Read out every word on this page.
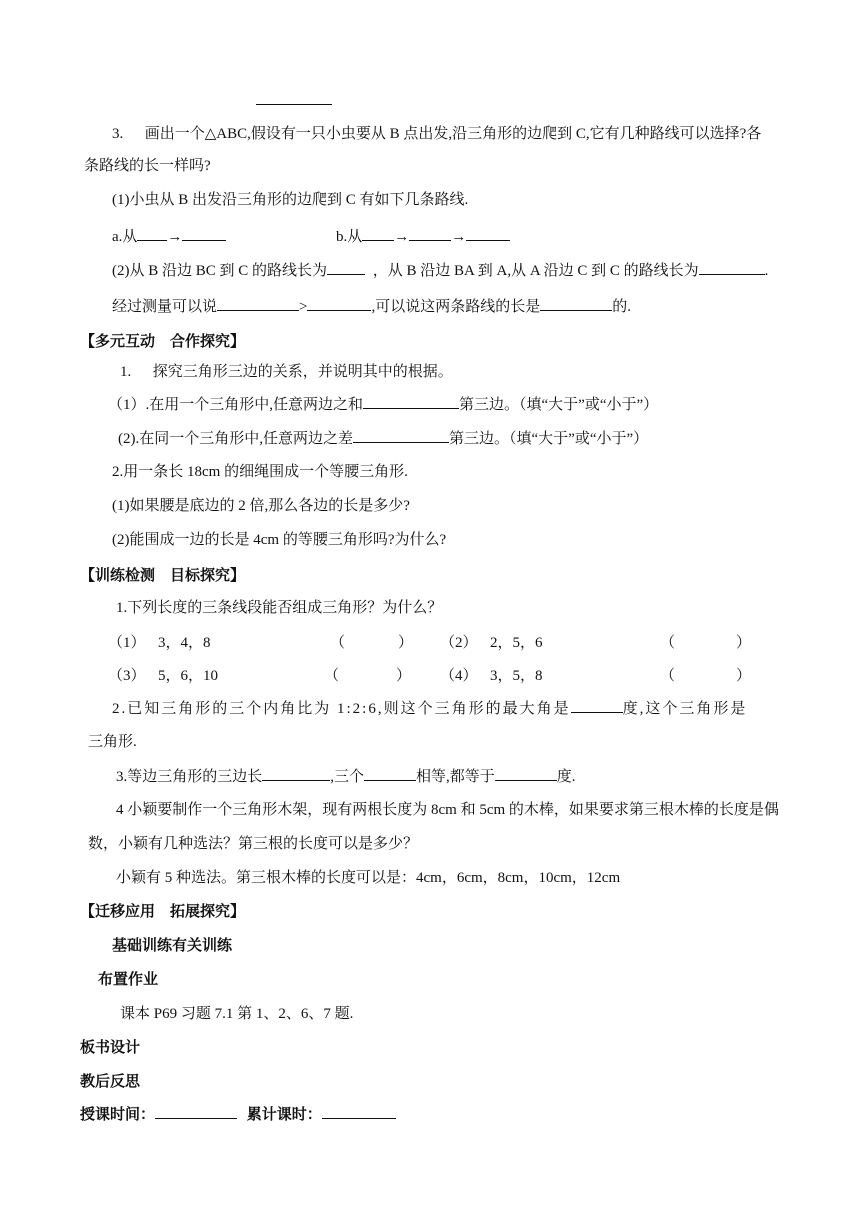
3. 画出一个△ABC,假设有一只小虫要从 B 点出发,沿三角形的边爬到 C,它有几种路线可以选择?各
条路线的长一样吗?
(1)小虫从 B 出发沿三角形的边爬到 C 有如下几条路线.
a.从 →	b.从 →	→
(2)从 B 沿边 BC 到 C 的路线长为	，从 B 沿边 BA 到 A,从 A 沿边 C 到 C 的路线长为	.
经过测量可以说	>	,可以说这两条路线的长是	的.
【多元互动　合作探究】
1. 探究三角形三边的关系，并说明其中的根据。
（1）.在用一个三角形中,任意两边之和	第三边。（填“大于”或“小于”）
(2).在同一个三角形中,任意两边之差	第三边。（填“大于”或“小于”）
2.用一条长 18cm 的细绳围成一个等腰三角形.
(1)如果腰是底边的 2 倍,那么各边的长是多少?
(2)能围成一边的长是 4cm 的等腰三角形吗?为什么?
【训练检测　目标探究】
1.下列长度的三条线段能否组成三角形？为什么？
（1） 3，4，8	（	） （2） 2，5，6	（	）
（3） 5，6，10	（	） （4） 3，5，8	（	）
2.已知三角形的三个内角比为 1:2:6,则这个三角形的最大角是	度,这个三角形是
三角形.
3.等边三角形的三边长	,三个	相等,都等于	度.
4 小颖要制作一个三角形木架，现有两根长度为 8cm 和 5cm 的木棒，如果要求第三根木棒的长度是偶
数，小颖有几种选法？第三根的长度可以是多少？
小颖有 5 种选法。第三根木棒的长度可以是：4cm，6cm，8cm，10cm，12cm
【迁移应用　拓展探究】
基础训练有关训练
布置作业
课本 P69 习题 7.1 第 1、2、6、7 题.
板书设计
教后反思
授课时间：	累计课时：
